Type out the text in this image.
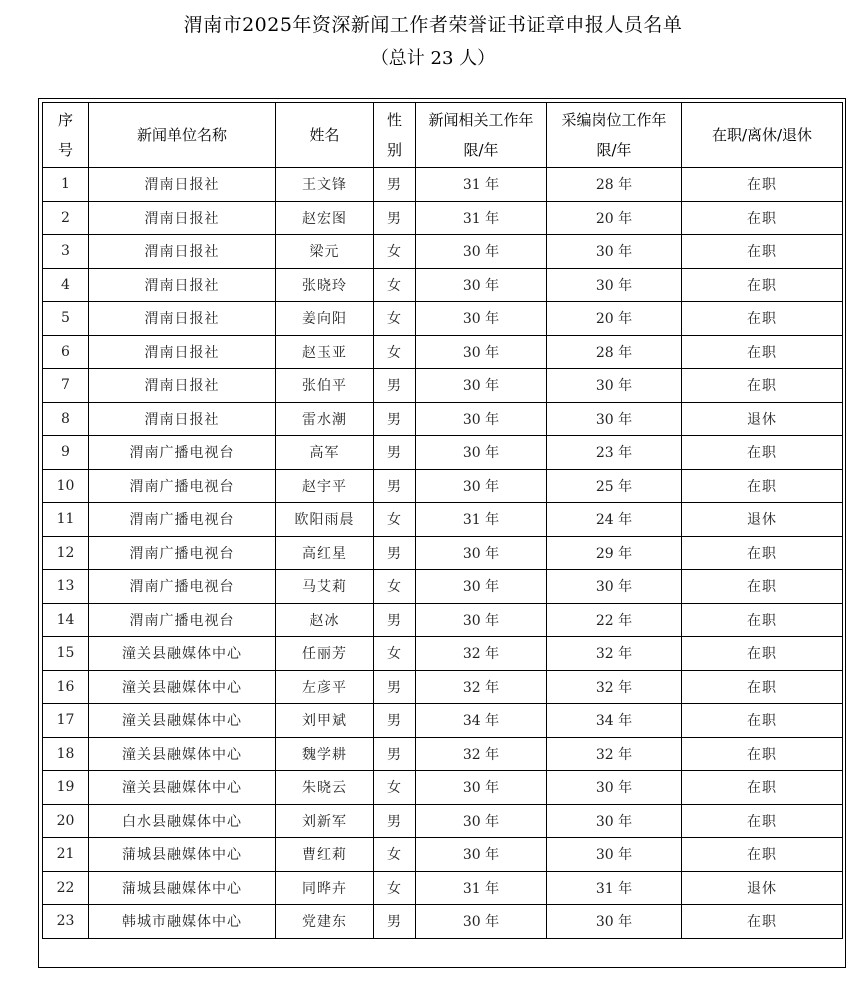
渭南市2025年资深新闻工作者荣誉证书证章申报人员名单
（总计 23 人）
序号	新闻单位名称	姓名	性别	新闻相关工作年限/年	采编岗位工作年限/年	在职/离休/退休
1	渭南日报社	王文锋	男	31 年	28 年	在职
2	渭南日报社	赵宏图	男	31 年	20 年	在职
3	渭南日报社	梁元	女	30 年	30 年	在职
4	渭南日报社	张晓玲	女	30 年	30 年	在职
5	渭南日报社	姜向阳	女	30 年	20 年	在职
6	渭南日报社	赵玉亚	女	30 年	28 年	在职
7	渭南日报社	张伯平	男	30 年	30 年	在职
8	渭南日报社	雷水潮	男	30 年	30 年	退休
9	渭南广播电视台	高军	男	30 年	23 年	在职
10	渭南广播电视台	赵宇平	男	30 年	25 年	在职
11	渭南广播电视台	欧阳雨晨	女	31 年	24 年	退休
12	渭南广播电视台	高红星	男	30 年	29 年	在职
13	渭南广播电视台	马艾莉	女	30 年	30 年	在职
14	渭南广播电视台	赵冰	男	30 年	22 年	在职
15	潼关县融媒体中心	任丽芳	女	32 年	32 年	在职
16	潼关县融媒体中心	左彦平	男	32 年	32 年	在职
17	潼关县融媒体中心	刘甲斌	男	34 年	34 年	在职
18	潼关县融媒体中心	魏学耕	男	32 年	32 年	在职
19	潼关县融媒体中心	朱晓云	女	30 年	30 年	在职
20	白水县融媒体中心	刘新军	男	30 年	30 年	在职
21	蒲城县融媒体中心	曹红莉	女	30 年	30 年	在职
22	蒲城县融媒体中心	同晔卉	女	31 年	31 年	退休
23	韩城市融媒体中心	党建东	男	30 年	30 年	在职
